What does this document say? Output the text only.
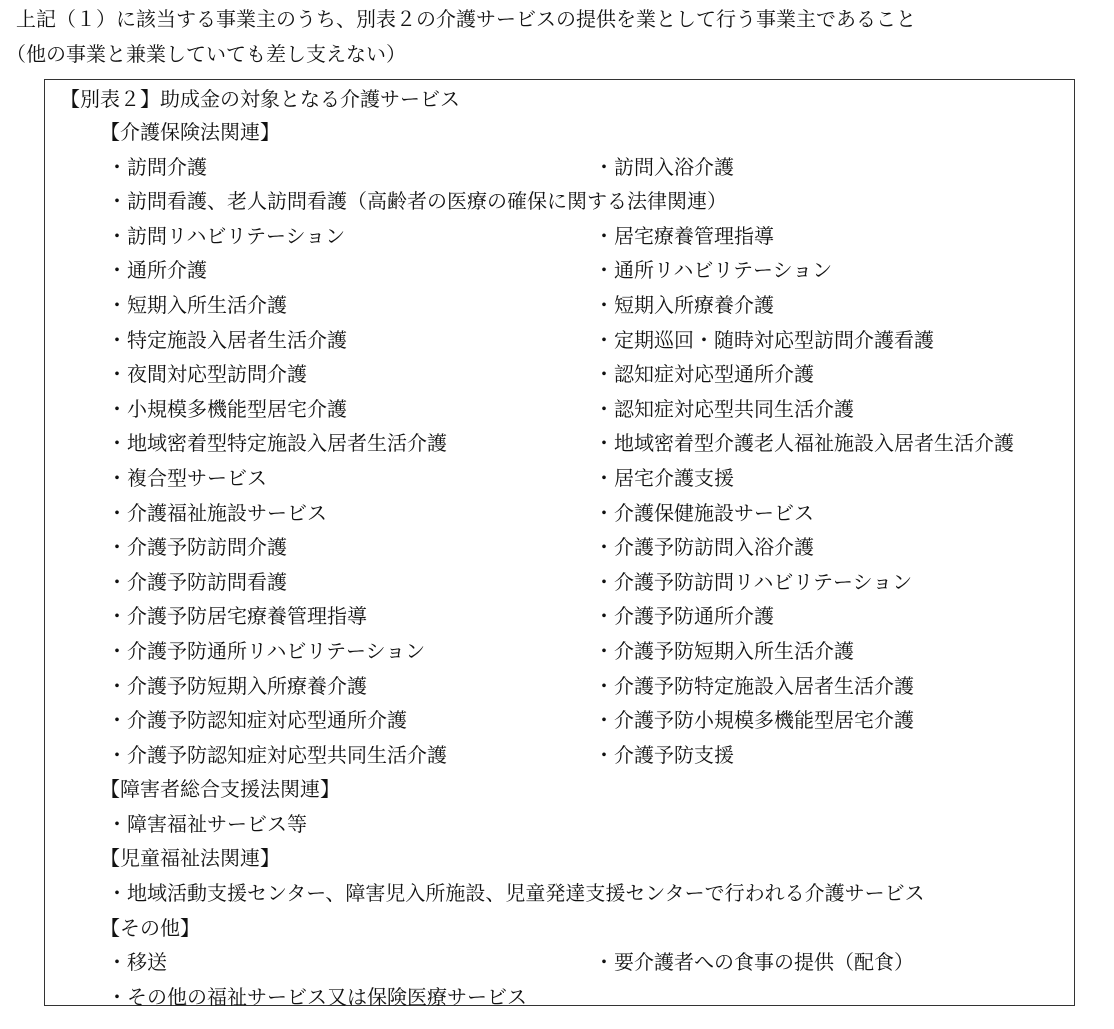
上記（１）に該当する事業主のうち、別表２の介護サービスの提供を業として行う事業主であること
（他の事業と兼業していても差し支えない）
【別表２】助成金の対象となる介護サービス
【介護保険法関連】
・訪問介護	・訪問入浴介護
・訪問看護、老人訪問看護（高齢者の医療の確保に関する法律関連）
・訪問リハビリテーション	・居宅療養管理指導
・通所介護	・通所リハビリテーション
・短期入所生活介護	・短期入所療養介護
・特定施設入居者生活介護	・定期巡回・随時対応型訪問介護看護
・夜間対応型訪問介護	・認知症対応型通所介護
・小規模多機能型居宅介護	・認知症対応型共同生活介護
・地域密着型特定施設入居者生活介護	・地域密着型介護老人福祉施設入居者生活介護
・複合型サービス	・居宅介護支援
・介護福祉施設サービス	・介護保健施設サービス
・介護予防訪問介護	・介護予防訪問入浴介護
・介護予防訪問看護	・介護予防訪問リハビリテーション
・介護予防居宅療養管理指導	・介護予防通所介護
・介護予防通所リハビリテーション	・介護予防短期入所生活介護
・介護予防短期入所療養介護	・介護予防特定施設入居者生活介護
・介護予防認知症対応型通所介護	・介護予防小規模多機能型居宅介護
・介護予防認知症対応型共同生活介護	・介護予防支援
【障害者総合支援法関連】
・障害福祉サービス等
【児童福祉法関連】
・地域活動支援センター、障害児入所施設、児童発達支援センターで行われる介護サービス
【その他】
・移送	・要介護者への食事の提供（配食）
・その他の福祉サービス又は保険医療サービス
